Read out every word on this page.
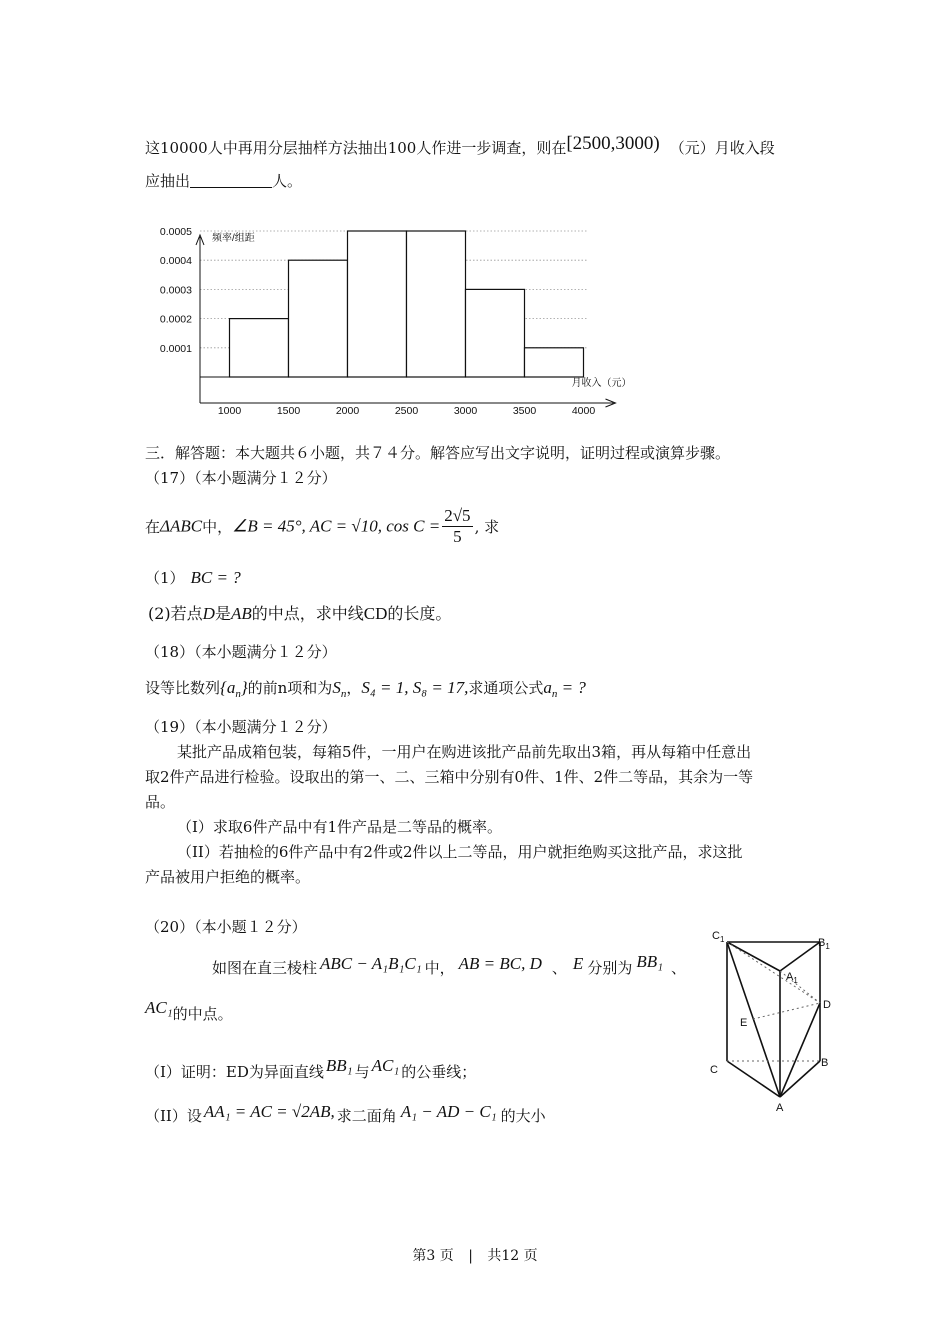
这10000人中再用分层抽样方法抽出100人作进一步调查，则在[2500,3000) （元）月收入段
应抽出	人。
0.0001
0.0002
0.0003
0.0004
0.0005
1000	1500	2000	2500	3000	3500	4000
频率/组距
月收入（元）
三．解答题：本大题共６小题，共７４分。解答应写出文字说明，证明过程或演算步骤。
（17）（本小题满分１２分）
在ΔABC中，∠B = 45°, AC = √10, $\cos C = \frac{2√5}{5}$ , 求
（1） BC = ?
(2)若点D是AB的中点，求中线CD的长度。
（18）（本小题满分１２分）
设等比数列$\{a_n\}$的前n项和为$S_n$，S₄ = 1, S₈ = 17,求通项公式$a_n$ = ?
（19）（本小题满分１２分）
某批产品成箱包装，每箱5件，一用户在购进该批产品前先取出3箱，再从每箱中任意出
取2件产品进行检验。设取出的第一、二、三箱中分别有0件、1件、2件二等品，其余为一等
品。
（I）求取6件产品中有1件产品是二等品的概率。
（II）若抽检的6件产品中有2件或2件以上二等品，用户就拒绝购买这批产品，求这批
产品被用户拒绝的概率。
（20）（本小题１２分）
如图在直三棱柱 ABC − A₁B₁C₁ 中， AB = BC, D 、 E 分别为 BB₁ 、
AC₁的中点。
（I）证明：ED为异面直线 BB₁ 与 AC₁ 的公垂线；
（II）设 AA₁ = AC = √2AB, 求二面角 A₁ − AD − C₁ 的大小
$C_1$	$B_1$
$A_1$
D
E
C
B
A
第3 页 | 共12 页
